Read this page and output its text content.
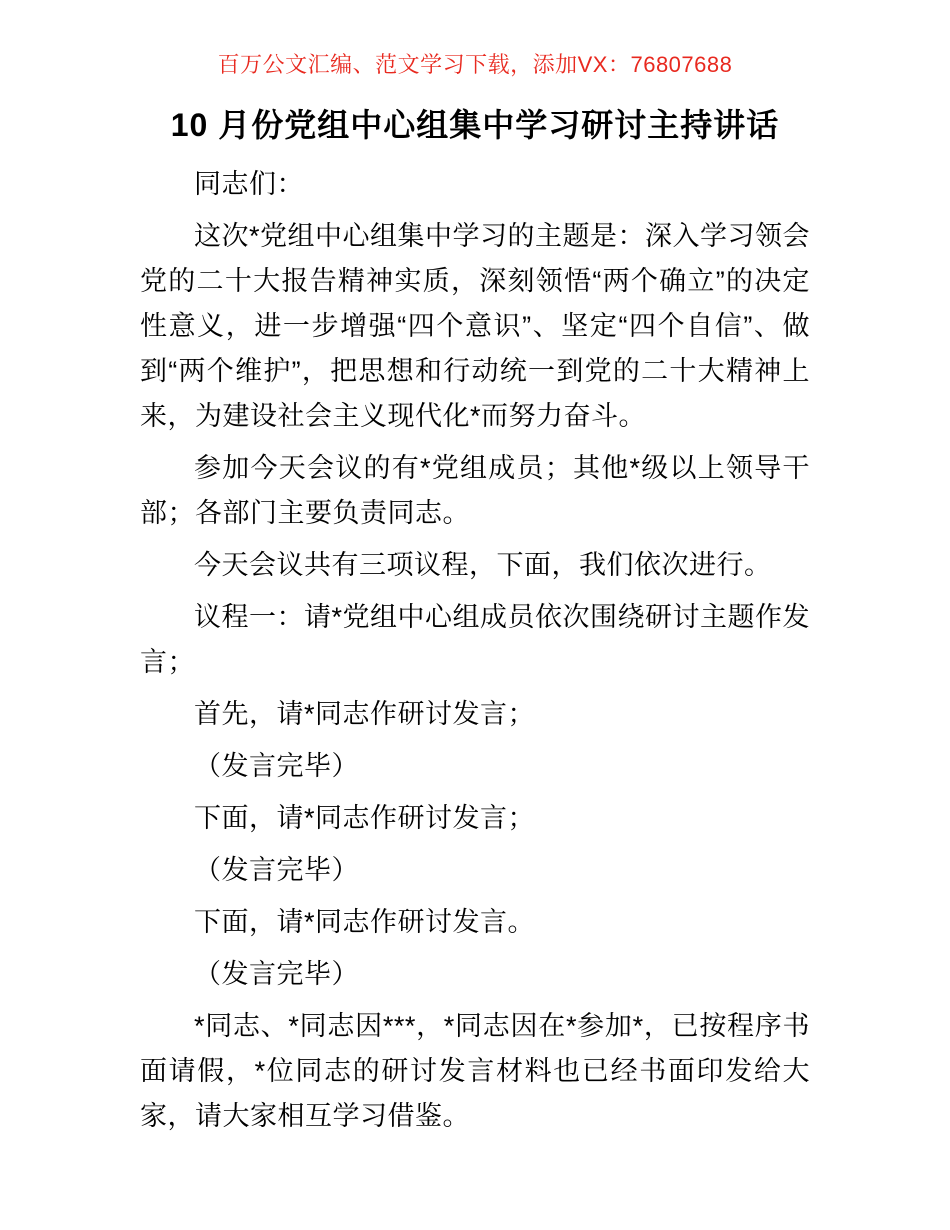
百万公文汇编、范文学习下载，添加VX：76807688
10 月份党组中心组集中学习研讨主持讲话

同志们：

这次*党组中心组集中学习的主题是：深入学习领会党的二十大报告精神实质，深刻领悟“两个确立”的决定性意义，进一步增强“四个意识”、坚定“四个自信”、做到“两个维护”，把思想和行动统一到党的二十大精神上来，为建设社会主义现代化*而努力奋斗。

参加今天会议的有*党组成员；其他*级以上领导干部；各部门主要负责同志。

今天会议共有三项议程，下面，我们依次进行。

议程一：请*党组中心组成员依次围绕研讨主题作发言；

首先，请*同志作研讨发言；

（发言完毕）

下面，请*同志作研讨发言；

（发言完毕）

下面，请*同志作研讨发言。

（发言完毕）

*同志、*同志因***，*同志因在*参加*，已按程序书面请假，*位同志的研讨发言材料也已经书面印发给大家，请大家相互学习借鉴。
